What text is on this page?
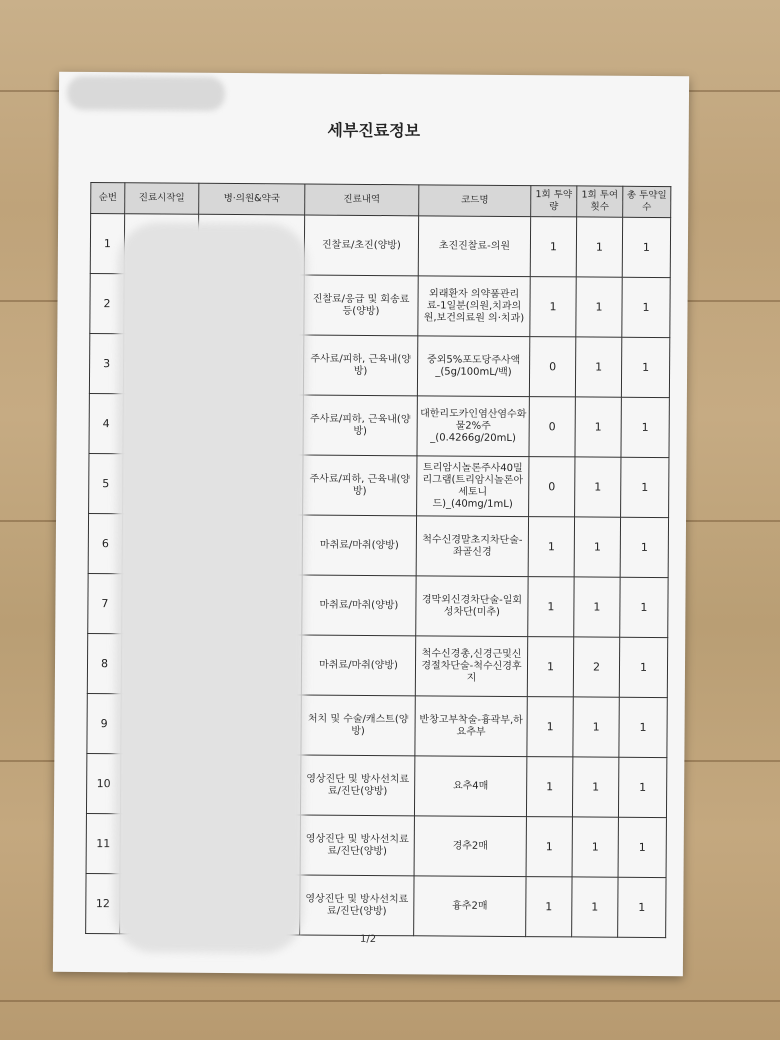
세부진료정보
순번	진료시작일	병·의원&약국	진료내역	코드명	1회 투약량	1회 투여횟수	총 투약일수
1			진찰료/초진(양방)	초진진찰료-의원	1	1	1
2			진찰료/응급 및 회송료 등(양방)	외래환자 의약품관리료-1일분(의원,치과의원,보건의료원 의·치과)	1	1	1
3			주사료/피하, 근육내(양방)	중외5%포도당주사액_(5g/100mL/백)	0	1	1
4			주사료/피하, 근육내(양방)	대한리도카인염산염수화물2%주_(0.4266g/20mL)	0	1	1
5			주사료/피하, 근육내(양방)	트리암시놀론주사40밀리그램(트리암시놀론아세토니드)_(40mg/1mL)	0	1	1
6			마취료/마취(양방)	척수신경말초지차단술-좌골신경	1	1	1
7			마취료/마취(양방)	경막외신경차단술-일회성차단(미추)	1	1	1
8			마취료/마취(양방)	척수신경총,신경근및신경절차단술-척수신경후지	1	2	1
9			처치 및 수술/캐스트(양방)	반창고부착술-흉곽부,하요추부	1	1	1
10			영상진단 및 방사선치료료/진단(양방)	요추4매	1	1	1
11			영상진단 및 방사선치료료/진단(양방)	경추2매	1	1	1
12			영상진단 및 방사선치료료/진단(양방)	흉추2매	1	1	1
1/2
